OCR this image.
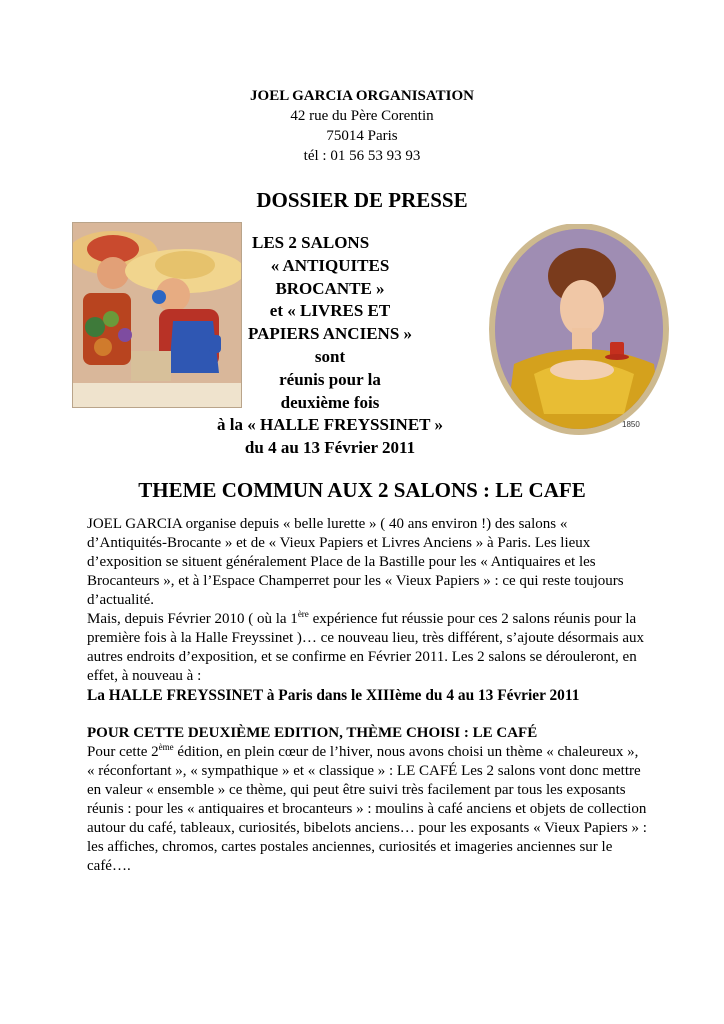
JOEL GARCIA ORGANISATION
42 rue du Père Corentin
75014 Paris
tél : 01 56 53 93 93
DOSSIER DE PRESSE
LES 2 SALONS
« ANTIQUITES
BROCANTE »
et « LIVRES ET
PAPIERS ANCIENS »
sont
réunis pour la
deuxième fois
à la « HALLE FREYSSINET »
du 4 au 13 Février 2011
1850
THEME COMMUN AUX 2 SALONS : LE CAFE

JOEL GARCIA organise depuis « belle lurette » ( 40 ans environ !) des salons « d’Antiquités-Brocante » et de « Vieux Papiers et Livres Anciens » à Paris. Les lieux d’exposition se situent généralement Place de la Bastille pour les « Antiquaires et les Brocanteurs », et à l’Espace Champerret pour les « Vieux Papiers » : ce qui reste toujours d’actualité.

Mais, depuis Février 2010 ( où la 1ère expérience fut réussie pour ces 2 salons réunis pour la première fois à la Halle Freyssinet )… ce nouveau lieu, très différent, s’ajoute désormais aux autres endroits d’exposition, et se confirme en Février 2011. Les 2 salons se dérouleront, en effet, à nouveau à :

La HALLE FREYSSINET à Paris dans le XIIIème du 4 au 13 Février 2011

POUR CETTE DEUXIÈME EDITION, THÈME CHOISI : LE CAFÉ

Pour cette 2ème édition, en plein cœur de l’hiver, nous avons choisi un thème « chaleureux », « réconfortant », « sympathique » et « classique » : LE CAFÉ Les 2 salons vont donc mettre en valeur « ensemble » ce thème, qui peut être suivi très facilement par tous les exposants réunis : pour les « antiquaires et brocanteurs » : moulins à café anciens et objets de collection autour du café, tableaux, curiosités, bibelots anciens… pour les exposants « Vieux Papiers » : les affiches, chromos, cartes postales anciennes, curiosités et imageries anciennes sur le café….
